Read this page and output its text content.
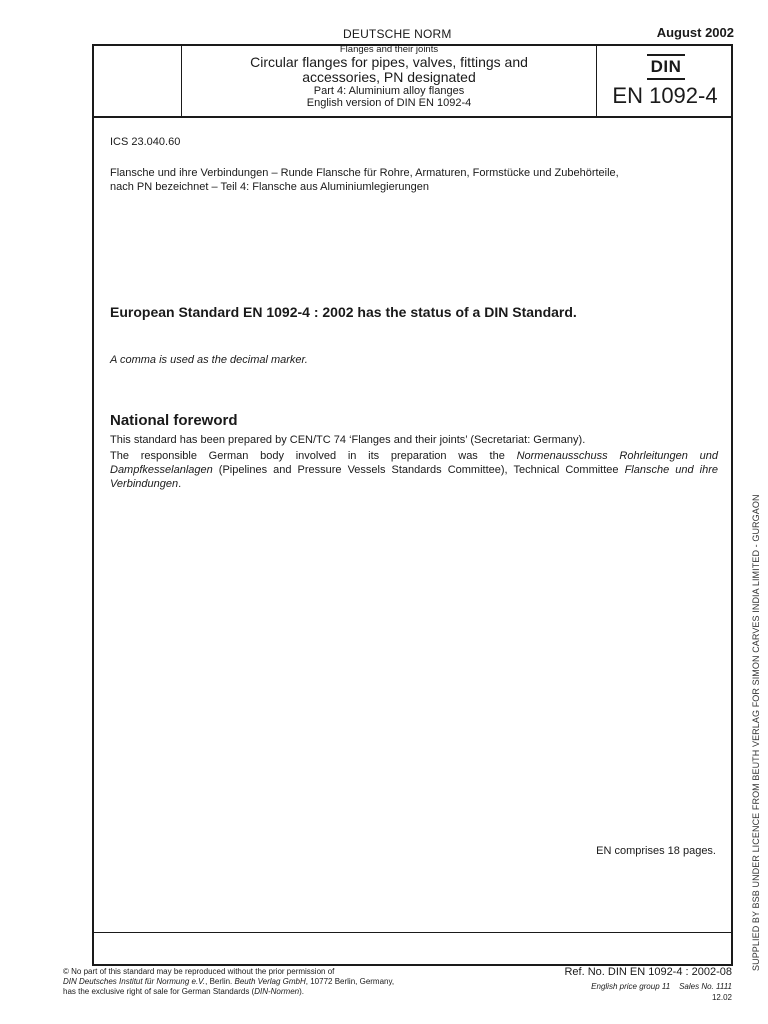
DEUTSCHE NORM	August 2002
Flanges and their joints
Circular flanges for pipes, valves, fittings and
accessories, PN designated
Part 4: Aluminium alloy flanges
English version of DIN EN 1092-4
DIN
EN 1092-4
ICS 23.040.60
Flansche und ihre Verbindungen – Runde Flansche für Rohre, Armaturen, Formstücke und Zubehörteile,
nach PN bezeichnet – Teil 4: Flansche aus Aluminiumlegierungen
European Standard EN 1092-4 : 2002 has the status of a DIN Standard.
A comma is used as the decimal marker.
National foreword
This standard has been prepared by CEN/TC 74 ‘Flanges and their joints’ (Secretariat: Germany).
The responsible German body involved in its preparation was the Normenausschuss Rohrleitungen und Dampfkesselanlagen (Pipelines and Pressure Vessels Standards Committee), Technical Committee Flansche und ihre Verbindungen.
EN comprises 18 pages.	SUPPLIED BY BSB UNDER LICENCE FROM BEUTH VERLAG FOR SIMON CARVES INDIA LIMITED - GURGAON
© No part of this standard may be reproduced without the prior permission of
DIN Deutsches Institut für Normung e.V., Berlin. Beuth Verlag GmbH, 10772 Berlin, Germany,
has the exclusive right of sale for German Standards (DIN-Normen).
Ref. No. DIN EN 1092-4 : 2002-08
English price group 11 Sales No. 1111
12.02
